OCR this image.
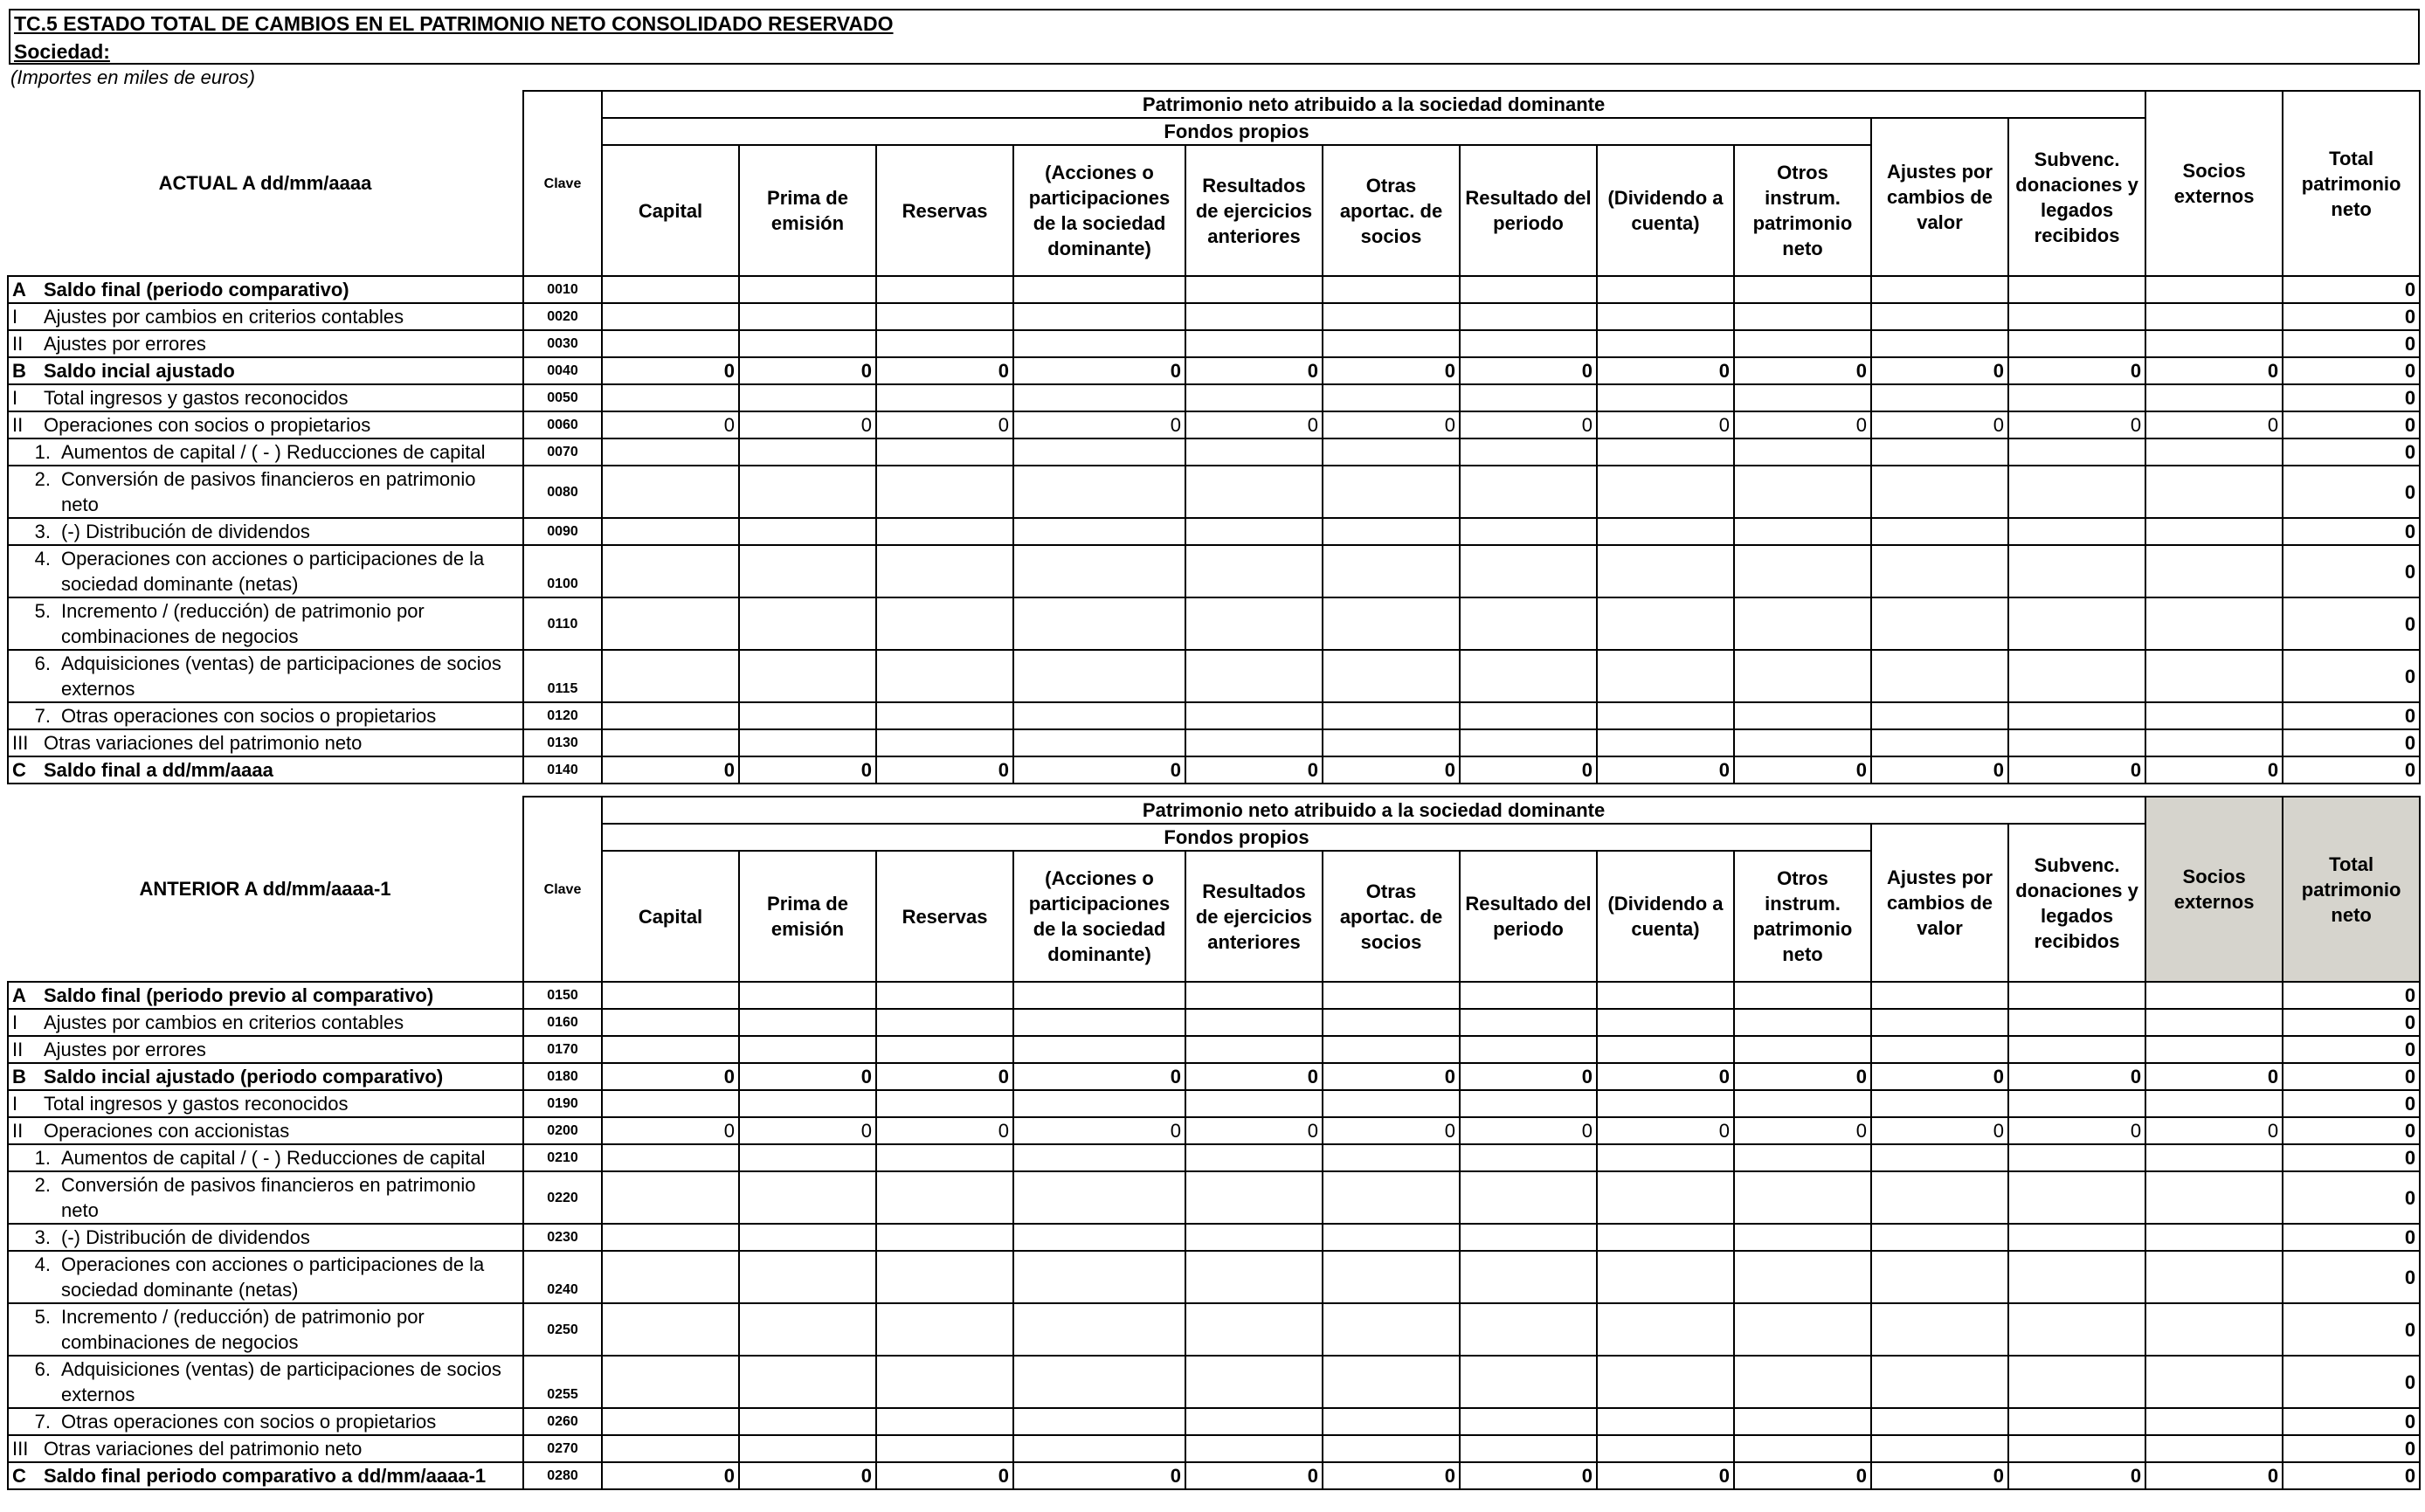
TC.5 ESTADO TOTAL DE CAMBIOS EN EL PATRIMONIO NETO CONSOLIDADO RESERVADO
Sociedad:
(Importes en miles de euros)
ACTUAL A dd/mm/aaaa	Clave	Patrimonio neto atribuido a la sociedad dominante											Socios externos	Total patrimonio neto
		Fondos propios									Ajustes por cambios de valor	Subvenc. donaciones y legados recibidos		
		Capital	Prima de emisión	Reservas	(Acciones o participaciones de la sociedad dominante)	Resultados de ejercicios anteriores	Otras aportac. de socios	Resultado del periodo	(Dividendo a cuenta)	Otros instrum. patrimonio neto				
A Saldo final (periodo comparativo)	0010													0
I Ajustes por cambios en criterios contables	0020													0
II Ajustes por errores	0030													0
B Saldo incial ajustado	0040	0	0	0	0	0	0	0	0	0	0	0	0	0
I Total ingresos y gastos reconocidos	0050													0
II Operaciones con socios o propietarios	0060	0	0	0	0	0	0	0	0	0	0	0	0	0
1. Aumentos de capital / ( - ) Reducciones de capital	0070													0
2. Conversión de pasivos financieros en patrimonio neto	0080													0
3. (-) Distribución de dividendos	0090													0
4. Operaciones con acciones o participaciones de la sociedad dominante (netas)	0100													0
5. Incremento / (reducción) de patrimonio por combinaciones de negocios	0110													0
6. Adquisiciones (ventas) de participaciones de socios externos	0115													0
7. Otras operaciones con socios o propietarios	0120													0
III Otras variaciones del patrimonio neto	0130													0
C Saldo final a dd/mm/aaaa	0140	0	0	0	0	0	0	0	0	0	0	0	0	0
ANTERIOR A dd/mm/aaaa-1	Clave	Patrimonio neto atribuido a la sociedad dominante											Socios externos	Total patrimonio neto
		Fondos propios									Ajustes por cambios de valor	Subvenc. donaciones y legados recibidos		
		Capital	Prima de emisión	Reservas	(Acciones o participaciones de la sociedad dominante)	Resultados de ejercicios anteriores	Otras aportac. de socios	Resultado del periodo	(Dividendo a cuenta)	Otros instrum. patrimonio neto				
A Saldo final (periodo previo al comparativo)	0150													0
I Ajustes por cambios en criterios contables	0160													0
II Ajustes por errores	0170													0
B Saldo incial ajustado (periodo comparativo)	0180	0	0	0	0	0	0	0	0	0	0	0	0	0
I Total ingresos y gastos reconocidos	0190													0
II Operaciones con accionistas	0200	0	0	0	0	0	0	0	0	0	0	0	0	0
1. Aumentos de capital / ( - ) Reducciones de capital	0210													0
2. Conversión de pasivos financieros en patrimonio neto	0220													0
3. (-) Distribución de dividendos	0230													0
4. Operaciones con acciones o participaciones de la sociedad dominante (netas)	0240													0
5. Incremento / (reducción) de patrimonio por combinaciones de negocios	0250													0
6. Adquisiciones (ventas) de participaciones de socios externos	0255													0
7. Otras operaciones con socios o propietarios	0260													0
III Otras variaciones del patrimonio neto	0270													0
C Saldo final periodo comparativo a dd/mm/aaaa-1	0280	0	0	0	0	0	0	0	0	0	0	0	0	0
